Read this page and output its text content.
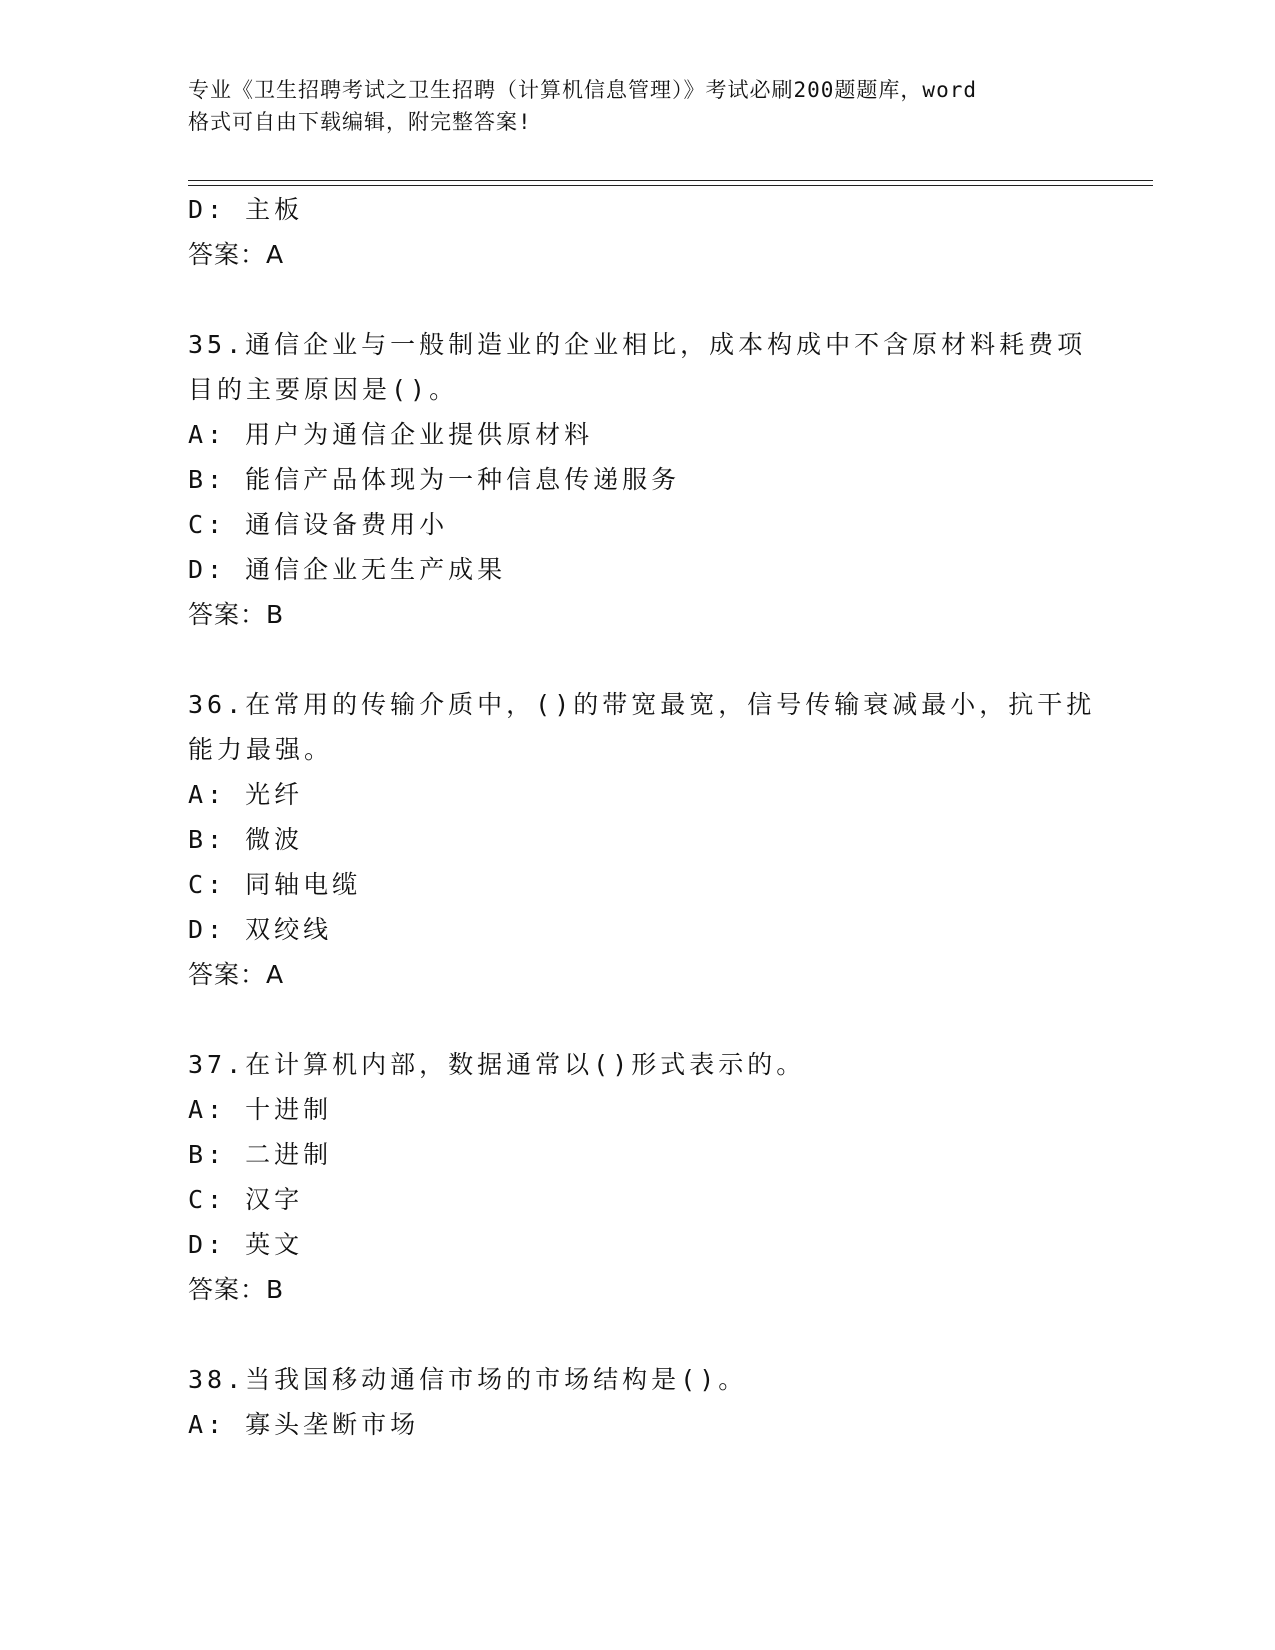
专业《卫生招聘考试之卫生招聘（计算机信息管理）》考试必刷200题题库，word
格式可自由下载编辑，附完整答案!
D: 主板
答案：A
35.通信企业与一般制造业的企业相比，成本构成中不含原材料耗费项
目的主要原因是()。
A: 用户为通信企业提供原材料
B: 能信产品体现为一种信息传递服务
C: 通信设备费用小
D: 通信企业无生产成果
答案：B
36.在常用的传输介质中，()的带宽最宽，信号传输衰减最小，抗干扰
能力最强。
A: 光纤
B: 微波
C: 同轴电缆
D: 双绞线
答案：A
37.在计算机内部，数据通常以()形式表示的。
A: 十进制
B: 二进制
C: 汉字
D: 英文
答案：B
38.当我国移动通信市场的市场结构是()。
A: 寡头垄断市场
